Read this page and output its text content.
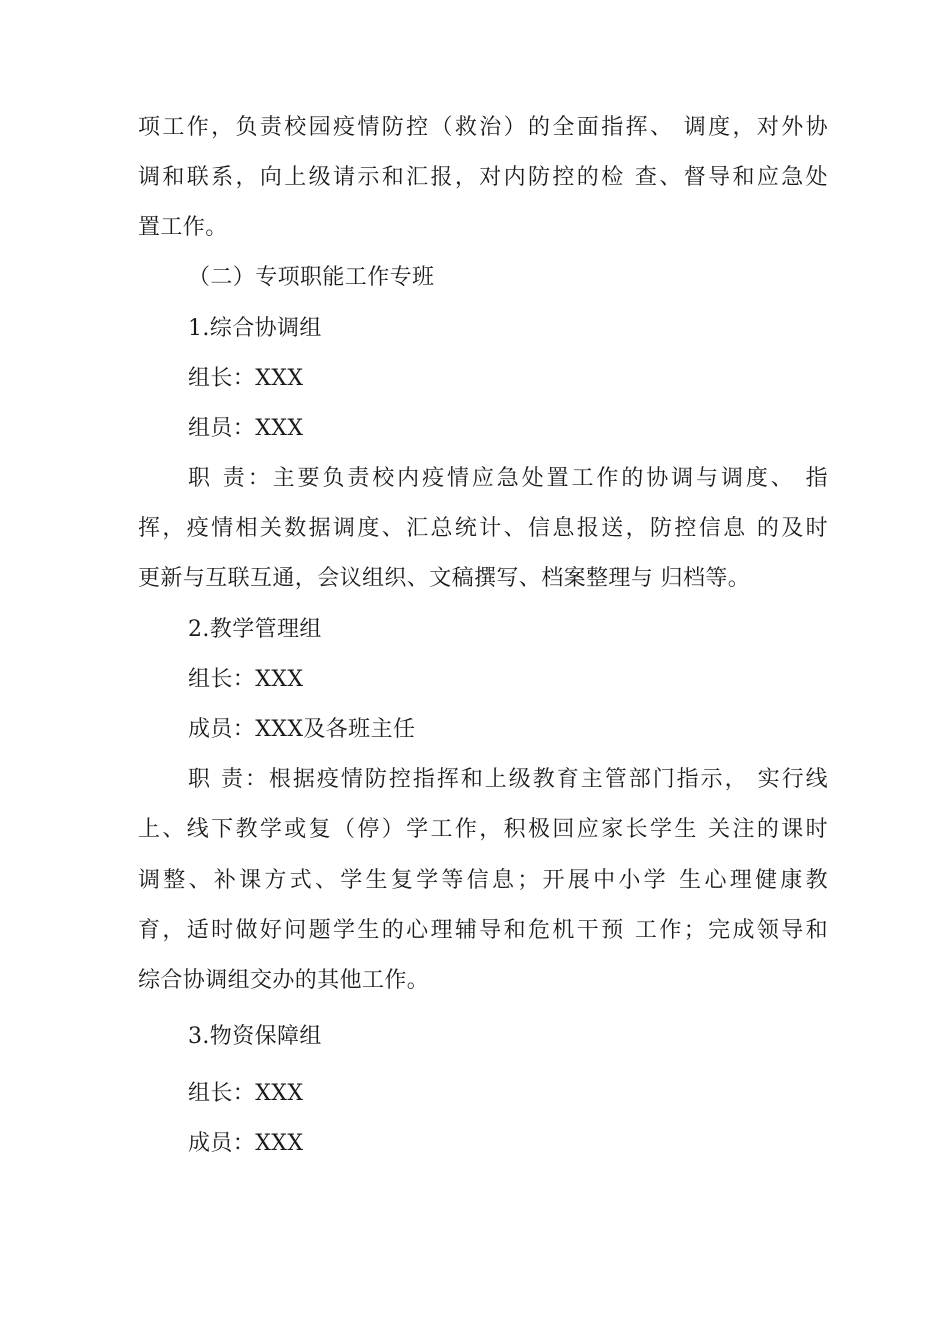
项工作，负责校园疫情防控（救治）的全面指挥、 调度，对外协
调和联系，向上级请示和汇报，对内防控的检 查、督导和应急处
置工作。
（二）专项职能工作专班
1.综合协调组
组长：XXX
组员：XXX
职 责：主要负责校内疫情应急处置工作的协调与调度、 指
挥，疫情相关数据调度、汇总统计、信息报送，防控信息 的及时
更新与互联互通，会议组织、文稿撰写、档案整理与 归档等。
2.教学管理组
组长：XXX
成员：XXX及各班主任
职 责：根据疫情防控指挥和上级教育主管部门指示， 实行线
上、线下教学或复（停）学工作，积极回应家长学生 关注的课时
调整、补课方式、学生复学等信息；开展中小学 生心理健康教
育，适时做好问题学生的心理辅导和危机干预 工作；完成领导和
综合协调组交办的其他工作。
3.物资保障组
组长：XXX
成员：XXX
